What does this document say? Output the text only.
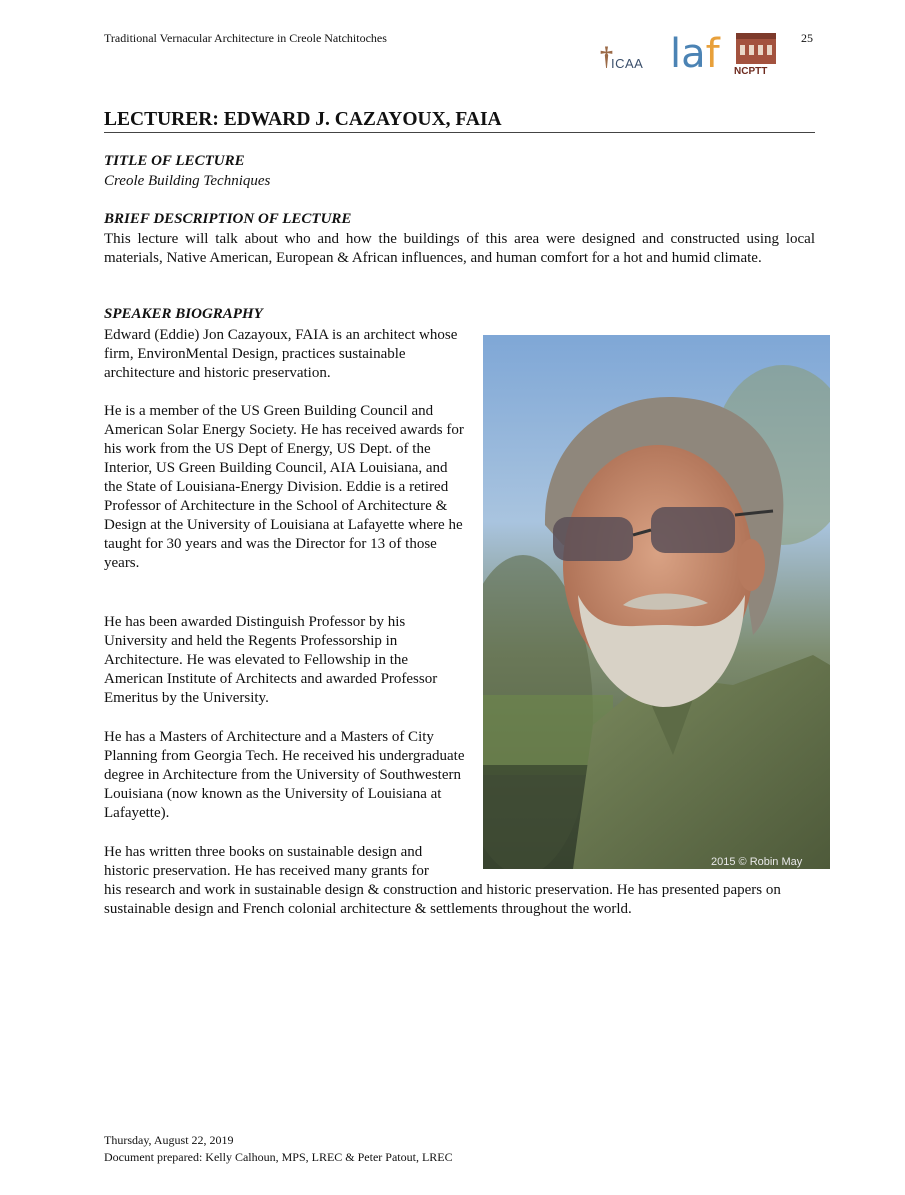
Traditional Vernacular Architecture in Creole Natchitoches	25
†
ICAA laf	NCPTT
LECTURER: EDWARD J. CAZAYOUX, FAIA
TITLE OF LECTURE
Creole Building Techniques
BRIEF DESCRIPTION OF LECTURE
This lecture will talk about who and how the buildings of this area were designed and constructed using local materials, Native American, European & African influences, and human comfort for a hot and humid climate.
SPEAKER BIOGRAPHY
Edward (Eddie) Jon Cazayoux, FAIA is an architect whose firm, EnvironMental Design, practices sustainable architecture and historic preservation.
He is a member of the US Green Building Council and American Solar Energy Society. He has received awards for his work from the US Dept of Energy, US Dept. of the Interior, US Green Building Council, AIA Louisiana, and the State of Louisiana-Energy Division. Eddie is a retired Professor of Architecture in the School of Architecture & Design at the University of Louisiana at Lafayette where he taught for 30 years and was the Director for 13 of those years.
He has been awarded Distinguish Professor by his University and held the Regents Professorship in Architecture. He was elevated to Fellowship in the American Institute of Architects and awarded Professor Emeritus by the University.
He has a Masters of Architecture and a Masters of City Planning from Georgia Tech. He received his undergraduate degree in Architecture from the University of Southwestern Louisiana (now known as the University of Louisiana at Lafayette).
He has written three books on sustainable design and
historic preservation. He has received many grants for
his research and work in sustainable design & construction and historic preservation. He has presented papers on sustainable design and French colonial architecture & settlements throughout the world.
2015 © Robin May
Thursday, August 22, 2019
Document prepared: Kelly Calhoun, MPS, LREC & Peter Patout, LREC
